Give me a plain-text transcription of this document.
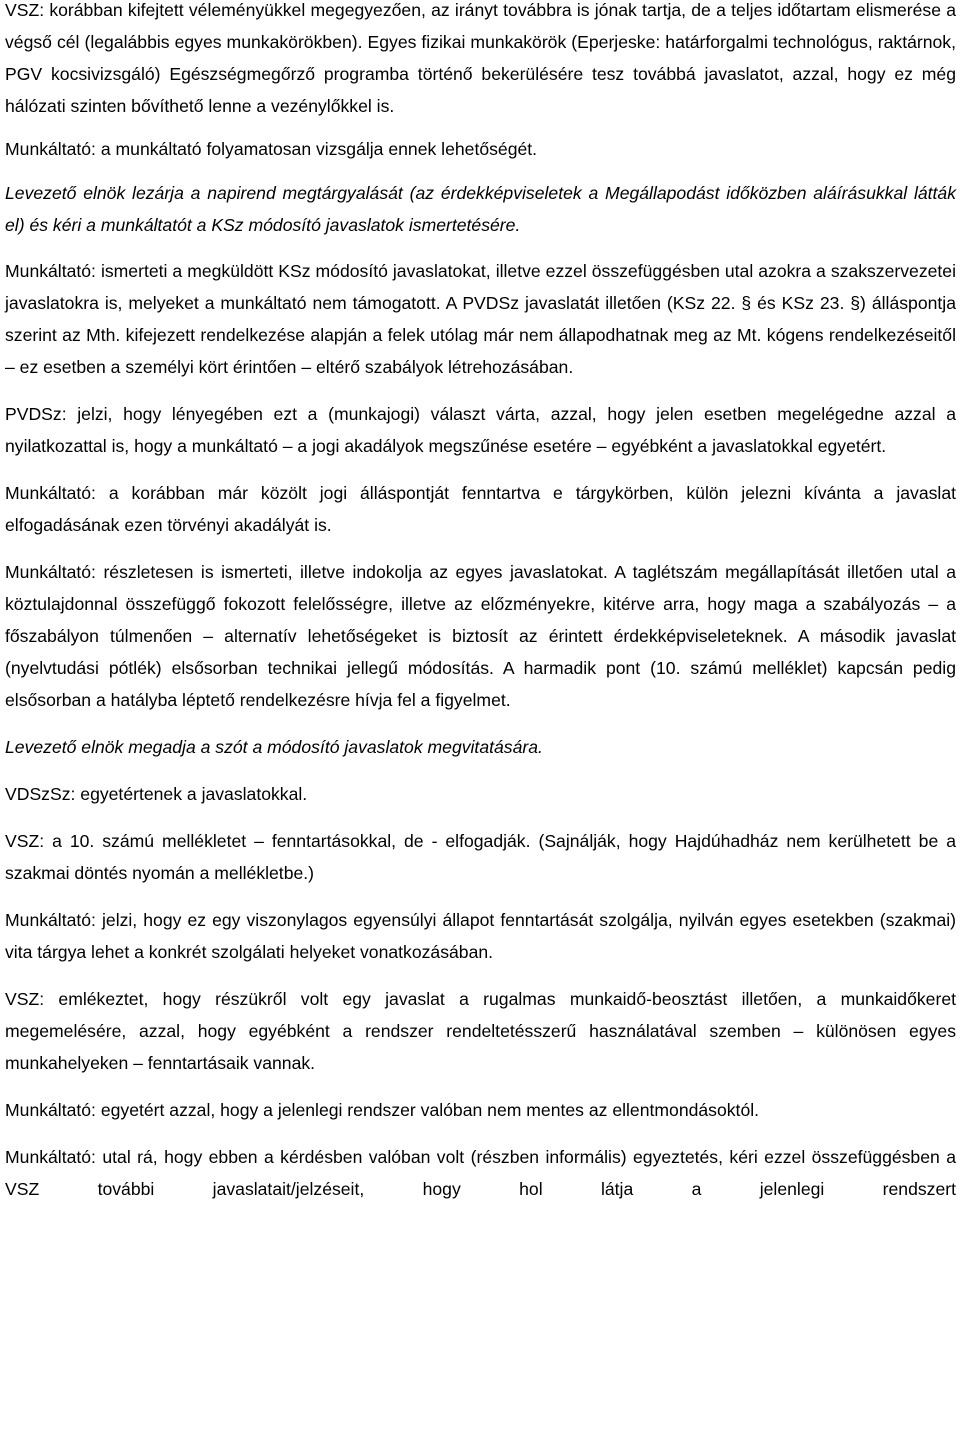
VSZ: korábban kifejtett véleményükkel megegyezően, az irányt továbbra is jónak tartja, de a teljes időtartam elismerése a végső cél (legalábbis egyes munkakörökben). Egyes fizikai munkakörök (Eperjeske: határforgalmi technológus, raktárnok, PGV kocsivizsgáló) Egészségmegőrző programba történő bekerülésére tesz továbbá javaslatot, azzal, hogy ez még hálózati szinten bővíthető lenne a vezénylőkkel is.

Munkáltató: a munkáltató folyamatosan vizsgálja ennek lehetőségét.

Levezető elnök lezárja a napirend megtárgyalását (az érdekképviseletek a Megállapodást időközben aláírásukkal látták el) és kéri a munkáltatót a KSz módosító javaslatok ismertetésére.

Munkáltató: ismerteti a megküldött KSz módosító javaslatokat, illetve ezzel összefüggésben utal azokra a szakszervezetei javaslatokra is, melyeket a munkáltató nem támogatott. A PVDSz javaslatát illetően (KSz 22. § és KSz 23. §) álláspontja szerint az Mth. kifejezett rendelkezése alapján a felek utólag már nem állapodhatnak meg az Mt. kógens rendelkezéseitől – ez esetben a személyi kört érintően – eltérő szabályok létrehozásában.

PVDSz: jelzi, hogy lényegében ezt a (munkajogi) választ várta, azzal, hogy jelen esetben megelégedne azzal a nyilatkozattal is, hogy a munkáltató – a jogi akadályok megszűnése esetére – egyébként a javaslatokkal egyetért.

Munkáltató: a korábban már közölt jogi álláspontját fenntartva e tárgykörben, külön jelezni kívánta a javaslat elfogadásának ezen törvényi akadályát is.

Munkáltató: részletesen is ismerteti, illetve indokolja az egyes javaslatokat. A taglétszám megállapítását illetően utal a köztulajdonnal összefüggő fokozott felelősségre, illetve az előzményekre, kitérve arra, hogy maga a szabályozás – a főszabályon túlmenően – alternatív lehetőségeket is biztosít az érintett érdekképviseleteknek. A második javaslat (nyelvtudási pótlék) elsősorban technikai jellegű módosítás. A harmadik pont (10. számú melléklet) kapcsán pedig elsősorban a hatályba léptető rendelkezésre hívja fel a figyelmet.

Levezető elnök megadja a szót a módosító javaslatok megvitatására.

VDSzSz: egyetértenek a javaslatokkal.

VSZ: a 10. számú mellékletet – fenntartásokkal, de - elfogadják. (Sajnálják, hogy Hajdúhadház nem kerülhetett be a szakmai döntés nyomán a mellékletbe.)

Munkáltató: jelzi, hogy ez egy viszonylagos egyensúlyi állapot fenntartását szolgálja, nyilván egyes esetekben (szakmai) vita tárgya lehet a konkrét szolgálati helyeket vonatkozásában.

VSZ: emlékeztet, hogy részükről volt egy javaslat a rugalmas munkaidő-beosztást illetően, a munkaidőkeret megemelésére, azzal, hogy egyébként a rendszer rendeltetésszerű használatával szemben – különösen egyes munkahelyeken – fenntartásaik vannak.

Munkáltató: egyetért azzal, hogy a jelenlegi rendszer valóban nem mentes az ellentmondásoktól.

Munkáltató: utal rá, hogy ebben a kérdésben valóban volt (részben informális) egyeztetés, kéri ezzel összefüggésben a VSZ további javaslatait/jelzéseit, hogy hol látja a jelenlegi rendszert
